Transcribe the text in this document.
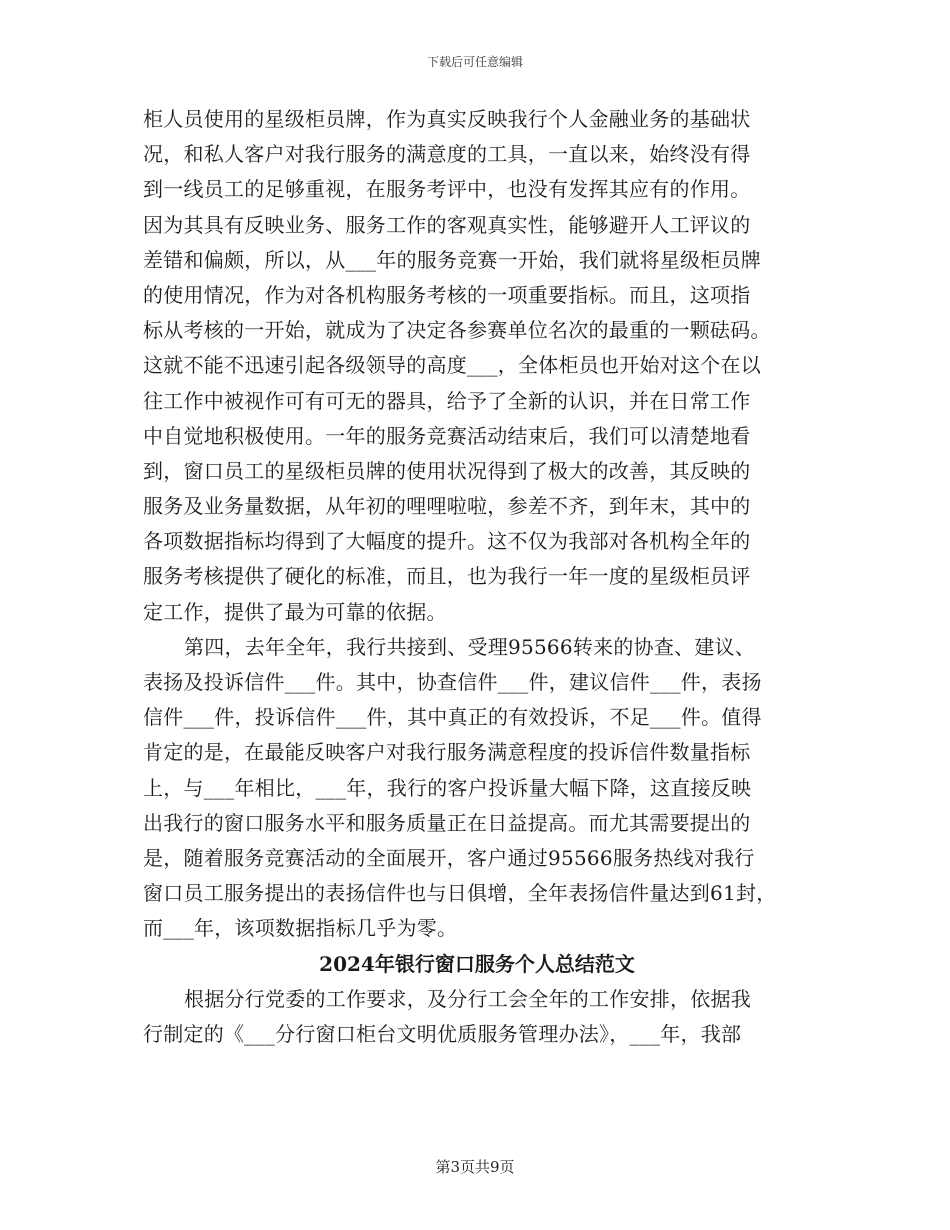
下载后可任意编辑
柜人员使用的星级柜员牌，作为真实反映我行个人金融业务的基础状
况，和私人客户对我行服务的满意度的工具，一直以来，始终没有得
到一线员工的足够重视，在服务考评中，也没有发挥其应有的作用。
因为其具有反映业务、服务工作的客观真实性，能够避开人工评议的
差错和偏颇，所以，从___年的服务竞赛一开始，我们就将星级柜员牌
的使用情况，作为对各机构服务考核的一项重要指标。而且，这项指
标从考核的一开始，就成为了决定各参赛单位名次的最重的一颗砝码。
这就不能不迅速引起各级领导的高度___，全体柜员也开始对这个在以
往工作中被视作可有可无的器具，给予了全新的认识，并在日常工作
中自觉地积极使用。一年的服务竞赛活动结束后，我们可以清楚地看
到，窗口员工的星级柜员牌的使用状况得到了极大的改善，其反映的
服务及业务量数据，从年初的哩哩啦啦，参差不齐，到年末，其中的
各项数据指标均得到了大幅度的提升。这不仅为我部对各机构全年的
服务考核提供了硬化的标准，而且，也为我行一年一度的星级柜员评
定工作，提供了最为可靠的依据。
第四，去年全年，我行共接到、受理95566转来的协查、建议、
表扬及投诉信件___件。其中，协查信件___件，建议信件___件，表扬
信件___件，投诉信件___件，其中真正的有效投诉，不足___件。值得
肯定的是，在最能反映客户对我行服务满意程度的投诉信件数量指标
上，与___年相比，___年，我行的客户投诉量大幅下降，这直接反映
出我行的窗口服务水平和服务质量正在日益提高。而尤其需要提出的
是，随着服务竞赛活动的全面展开，客户通过95566服务热线对我行
窗口员工服务提出的表扬信件也与日俱增，全年表扬信件量达到61封，
而___年，该项数据指标几乎为零。
2024年银行窗口服务个人总结范文
根据分行党委的工作要求，及分行工会全年的工作安排，依据我
行制定的《___分行窗口柜台文明优质服务管理办法》，___年，我部
第3页共9页
